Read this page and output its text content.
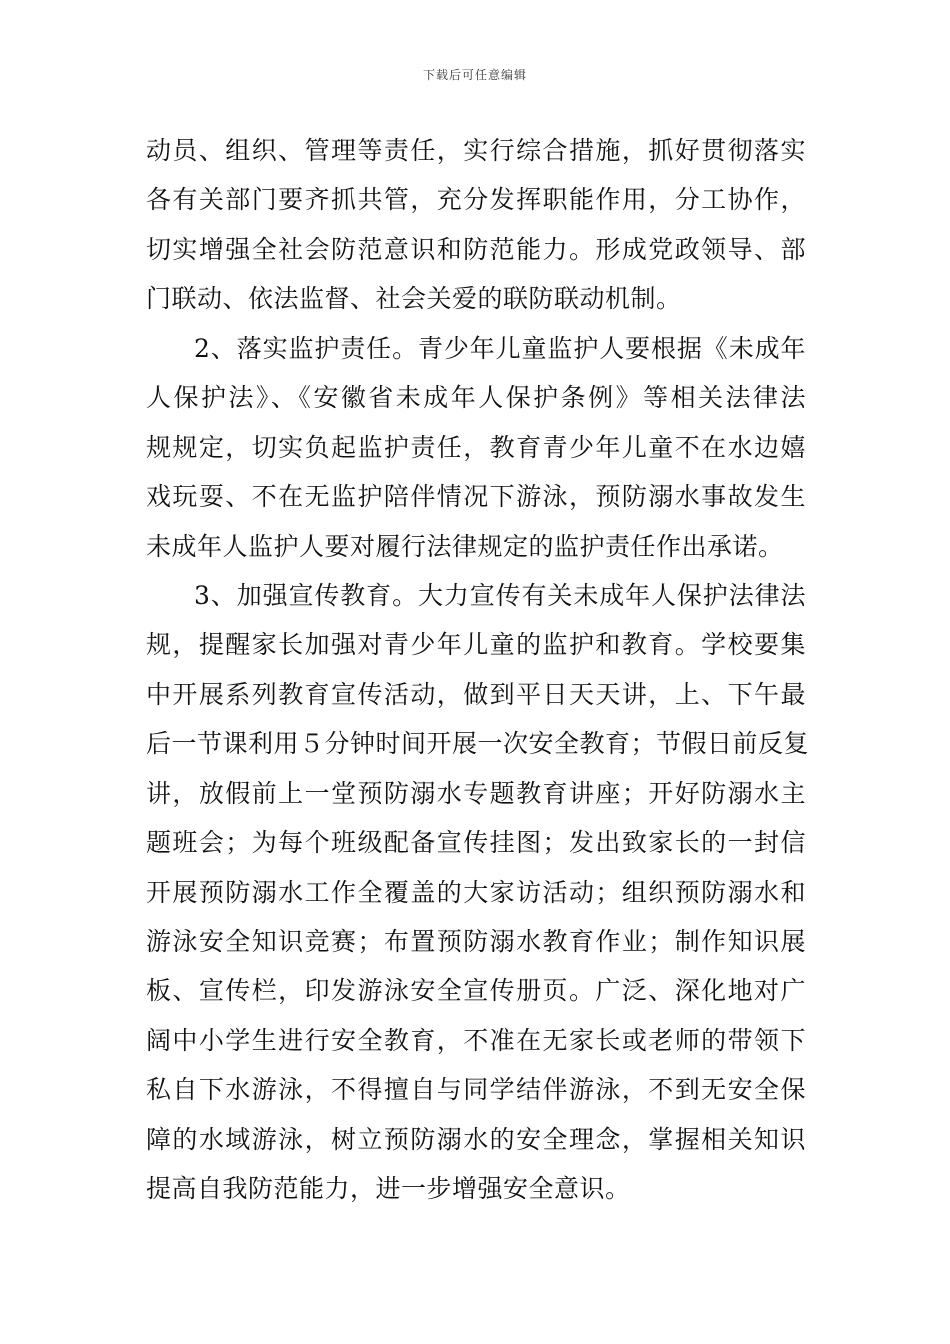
下载后可任意编辑
动员、组织、管理等责任，实行综合措施，抓好贯彻落实
各有关部门要齐抓共管，充分发挥职能作用，分工协作，
切实增强全社会防范意识和防范能力。形成党政领导、部
门联动、依法监督、社会关爱的联防联动机制。
2、落实监护责任。青少年儿童监护人要根据《未成年
人保护法》、《安徽省未成年人保护条例》等相关法律法
规规定，切实负起监护责任，教育青少年儿童不在水边嬉
戏玩耍、不在无监护陪伴情况下游泳，预防溺水事故发生
未成年人监护人要对履行法律规定的监护责任作出承诺。
3、加强宣传教育。大力宣传有关未成年人保护法律法
规，提醒家长加强对青少年儿童的监护和教育。学校要集
中开展系列教育宣传活动，做到平日天天讲，上、下午最
后一节课利用５分钟时间开展一次安全教育；节假日前反复
讲，放假前上一堂预防溺水专题教育讲座；开好防溺水主
题班会；为每个班级配备宣传挂图；发出致家长的一封信
开展预防溺水工作全覆盖的大家访活动；组织预防溺水和
游泳安全知识竞赛；布置预防溺水教育作业；制作知识展
板、宣传栏，印发游泳安全宣传册页。广泛、深化地对广
阔中小学生进行安全教育，不准在无家长或老师的带领下
私自下水游泳，不得擅自与同学结伴游泳，不到无安全保
障的水域游泳，树立预防溺水的安全理念，掌握相关知识
提高自我防范能力，进一步增强安全意识。
